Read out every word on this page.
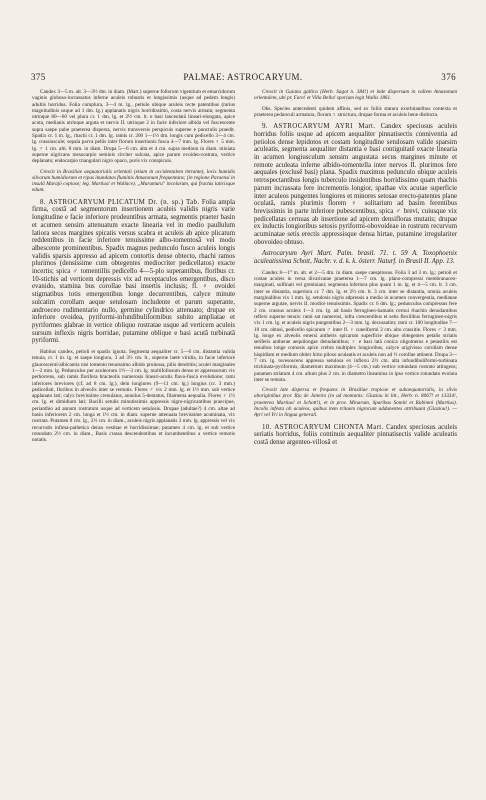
375	PALMAE: ASTROCARYUM.	376

Candex 3—5 m. alt. 3—3½ dm. in diam. (Mart.) superne follorum vigentium et emarcidorum vaginis globoso-incrassatus inferne aculeis robustis et longissimis (usque ad pedem longis) adultis horridus. Folia complura, 3—4 m. lg., petiolo ubique aculeis recte patentibus (rarius magnitudinis usque ad 1 dm. lg.) applanatis nigris horridissimo, costa nervis armata; segmenta utrinque 80—60 vel plura cr. 1 dm. lg. et 2½ cm. lt. e basi lanceolatā lineari-elongata, apice acuta, medianis utrinque arguta et nervis II. utrinque 2 in facie inferiore albida vel fuscescente supra saepe pube praeterea dispersa, nervis transversis perspicuis superne e punctulis praedit. Spadix cr. 1 m. lg., rhachi cr. 1 dm. lg. ramis cr. 200 1—1½ dm. longis cum pedicello 3—4 cm. lg. crassiuscule; sepala parva pellis inter florum insertionis fusca 4—7 mm. lg. Flores ♀ 5 mm. lg. ♂ 1 cm. alti. 8 mm. in diam. Drupa 5—6 cm. alta et 4 cm. supra medium in diam. miniata superne nigricans mesocarpio seminis circiter sulcata, apice parum ovoideo-rostrata, vertice deplanato; endocarpio triangulari nigro opaco, poris vix conspicuis.

Crescit in Brasiliae aequatorialis orientali (etiam in occidentalem intrante), locis humidis silvarum humidiorum et ripas inundatas fluminis Amazonum frequentans; (in regione Paraensi in insulā Marajó copiose; leg. Martius! et Wallace). „Murumuru" incolarum, qui fructus laticisque edunt.

8. ASTROCARYUM PLICATUM Dr. (n. sp.) Tab. Folia ampla firma, costā ad segmentorum insertionem aculeis validis nigris varie longitudine e facie inferiore prodeuntibus armata, segmentis praeter basin et acumen sensim attenuatum exacte linearia vel in medio paullulum latiora secus margines spicatis versus scabra et aculeis ab apice plicatum reddentibus in facie inferiore tenuissime albo-tomentosā vel modo albescente prominentibus. Spadix magnus pedunculo fusco aculeis longis validis sparsis appresso ad apicem contortis dense obtecto, rhachi ramos plurimos (densissime cum obtegentes mediocriter pedicellatos) exacte incertis; spica ♂ tomentillis pedicello 4—5-plo superantibus, floribus cr. 10-stichis ad verticem depressis vix ad receptaculos emergentibus, disco evanido, stamina bus corollae basi insertis inclusis; fl. ♀ ovoidei stigmatibus totis emergentibus longe decurrentibus, calyce minute sulcatim corollam aeque setulosam includente et parum superante, androeceo rudimentario nullo, germine cylindrico attenuato; drupae ex inferiore ovoidea, pyriformi-infundibuliformibus subito ampliatae et pyriformes glabrae in vertice obliquo rostratae usque ad verticem aculeis sursum inflexis nigris horridae, putamine oblique e basi acutā turbinatā pyriformi.

Habitus candex, petioli et spadix ignota. Segmenta aequaliter cr. 5—6 cm. distantia valida tenuia, cr. 1 m. lg. et saepe longiora, 3 ad 3½ cm. lt., superne laete viridia, in facie inferiore glaucescenti-albicantia nisi tomento tenuissimo albido pruinosa, pilis dendritis; aculei marginales 1—2 mm. lg. Pedunculus per aculeorum 1½—3 cm. lg. multifoliosum denso et appressorum vix perhorrens, sub ramis florifera bracteolis numerosis lineari-acutis flavo-fusca evolutione; rami inferiores breviores (cf. ad 8 cm. lg.), dein longiores (9—11 cm. lg.) longius (cr. 3 mm.) pedicellati, floribus in alveolis inter se remotis. Flores ♂ vix 2 mm. lg. et 1½ mm. sub vertice applanato lati; calyx brevissime crenulatus, annulus 5-dentatus, filamenta aequalia. Flores ♀ 1½ cm. lg. et dimidium lati; Bacilli setulis minutissimis appressis nigro-nigricantibus praecipue, perianthio ad annum rostratum usque ad verticem setulosis. Drupae (adultae?) 4 cm. altae ad basin inferiorem 2 cm. longa et 1½ cm. in diam. superne attenuata brevissime acuminata, vix rostrata. Putamen 8 cm. lg., 2½ cm. in diam., aculeis nigris applanatis 3 mm. lg. appressis vel vix recurvatis infima-pathetica denso vestitae et horridissimae; putamen 4 cm. lg. et sub vertice rotundato 2½ cm. in diam., Basis crassa descendentibus et incumbentibus a vertice remotis notatis.

Crescit in Guiana gallica (Herb. Sagot n. 384!) et inde dispersum in vallem Amazonum orientalem, ubi pr. Faro! et Villa Bella! sporium legit Wallis 1861.

Obs. Species antecedenti quidem affinis, sed ex foliis statura exorbitantibus contexta et praeterea pedunculi armatura, florum ♀ structura, drupae forma et aculeis bene distincta.

9. ASTROCARYUM AYRI Mart. Candex speciosus aculeis horridus foliis usque ad apicem aequaliter pinnatisectis conniventia ad petiolos dense lepidotos et costam longitudine setulosam valide sparsim aculeatis, segmenta aequaliter distantia e basi contiguitatē exacte linearia in acumen longiusculum sensim angustata secus margines minute et remote aculeata inferne albido-tomentella inter nervos II. plurimos fere aequales (exclusē basi) plana. Spadix maximus pedunculo ubique aculeis retrospectantibus longis tuberculo insidentibus horridissimo quam rhachis parum incrassata fere incrementis longior, spathae vix acutae superficie inter aculeos pungentes longiores et minores setosae erecto-patentes plane oculatā, ramis plurimis florem ♀ solitarium ad basim ferentibus brevissimis in parte inferiore pubescentibus, spica ♂ brevi, cuiusque vix pedicellatas cernuas ab insertione ad apicem densifloras mutatis; drupae ex inductis longioribus setosis pyriformi-obovoideae in rostrum recurvum acuminatae setis erectis appressisque densa hirtae, putamine irregulariter obovoideo obtuso.

Astrocaryum Ayri Mart. Palm. brasil. 71. t. 59 A. Toxophoenix aculeatissima Schott, Nachr. v. d. k. k. österr. Naturf. in Brasil II. App. 13.

Candex 8—1° m. alt. et 2—5 dm. in diam. saepe caespitosus. Folia 3 ad 3 m. lg.; petioli et costae aculeis in versa divaricatae praeterea 1—7 cm. lg. plano-compressi membranaceo-marginati, sulfinati vel greniniani; segmenta inferiora plus quam 1 m. lg. et 4—5 cm. lt. 3 cm. inter se distantia, superiora cr. 7 dm. lg. et 2½ cm. lt. 3 cm. inter se distantia, omnia aculeis marginalibus vix 1 mm. lg. setulosis nigris adpressis a medio in acumen convergentia, medianae superne argutae, nervis II. modice tenuissimis. Spadix cr. 6 dm. lg.; pedunculus compressus fere 2 cm. crassus aculeis 1—3 cm. lg. ad basin ferrugineo-hamatis cernui rhachin denudantibus reflexi superne tenuis: rami sat numerosi, infra crescentibus et setis flexilibus ferrugineo-nigris vix 1 cm. lg. et aculeis nigris pungentibus 2—3 mm. lg. decussatim; rami cr. 100 longitudine 7—10 cm. obtusi, pedicello spicarum ♂ inter fl. ♀ cuneiformi 2 cm. alto crassitie. Flores ♂ 3 mm. lg. longe ex alveolis emersi antheris spicarum superficie ubique obtegentes petalis striatis setiferis antherae aequilongae denudantibus; ♀ e basi latā conica oligomerus e petastilis est tenuibus longe comosis apice crebra multiplex longioribus, calyce urigivisso corollam dense hispidiam et medium obiter hirto piloso aculeatis et aculeis non ad ½ corollae attinent. Drupa 3—7 cm. lg. tocesoscens appressa setulosa ex inflexu 2½ cm. alta infundibuliformi-turbinata trichinata-pyriformis, diametrum maximum (4—5 cm.) sub vertice rotundato rostrato attingens; putamen striatum 4 cm. altum plus 2 cm. in diametro lineamina in ipso vertice rotundato evoluta inter se remota.

Crescit late dispersa et frequens in Brasiliae tropicae et subaequatorialis, in silvis aboriginibus pror. Rio de Janeiro (in ad montanis: Glaziou in litt., Herb. n. 8067! et 13334!, praeterea Martius! et Schott!), et in prov. Minarum, Sparibus Somiti et Rubimni (Martius). Incolis infesta ob aculeos, quibus item tritaem nigrorum addunentes attribuunt (Glaziou!). — Ayri vel Yri in lingua generali.

10. ASTROCARYUM CHONTA Mart. Candex speciosus aculeis seriatis horridus, foliis continuis aequaliter pinnatisectis valide aculeatis costā dense argenteo-villosā et
